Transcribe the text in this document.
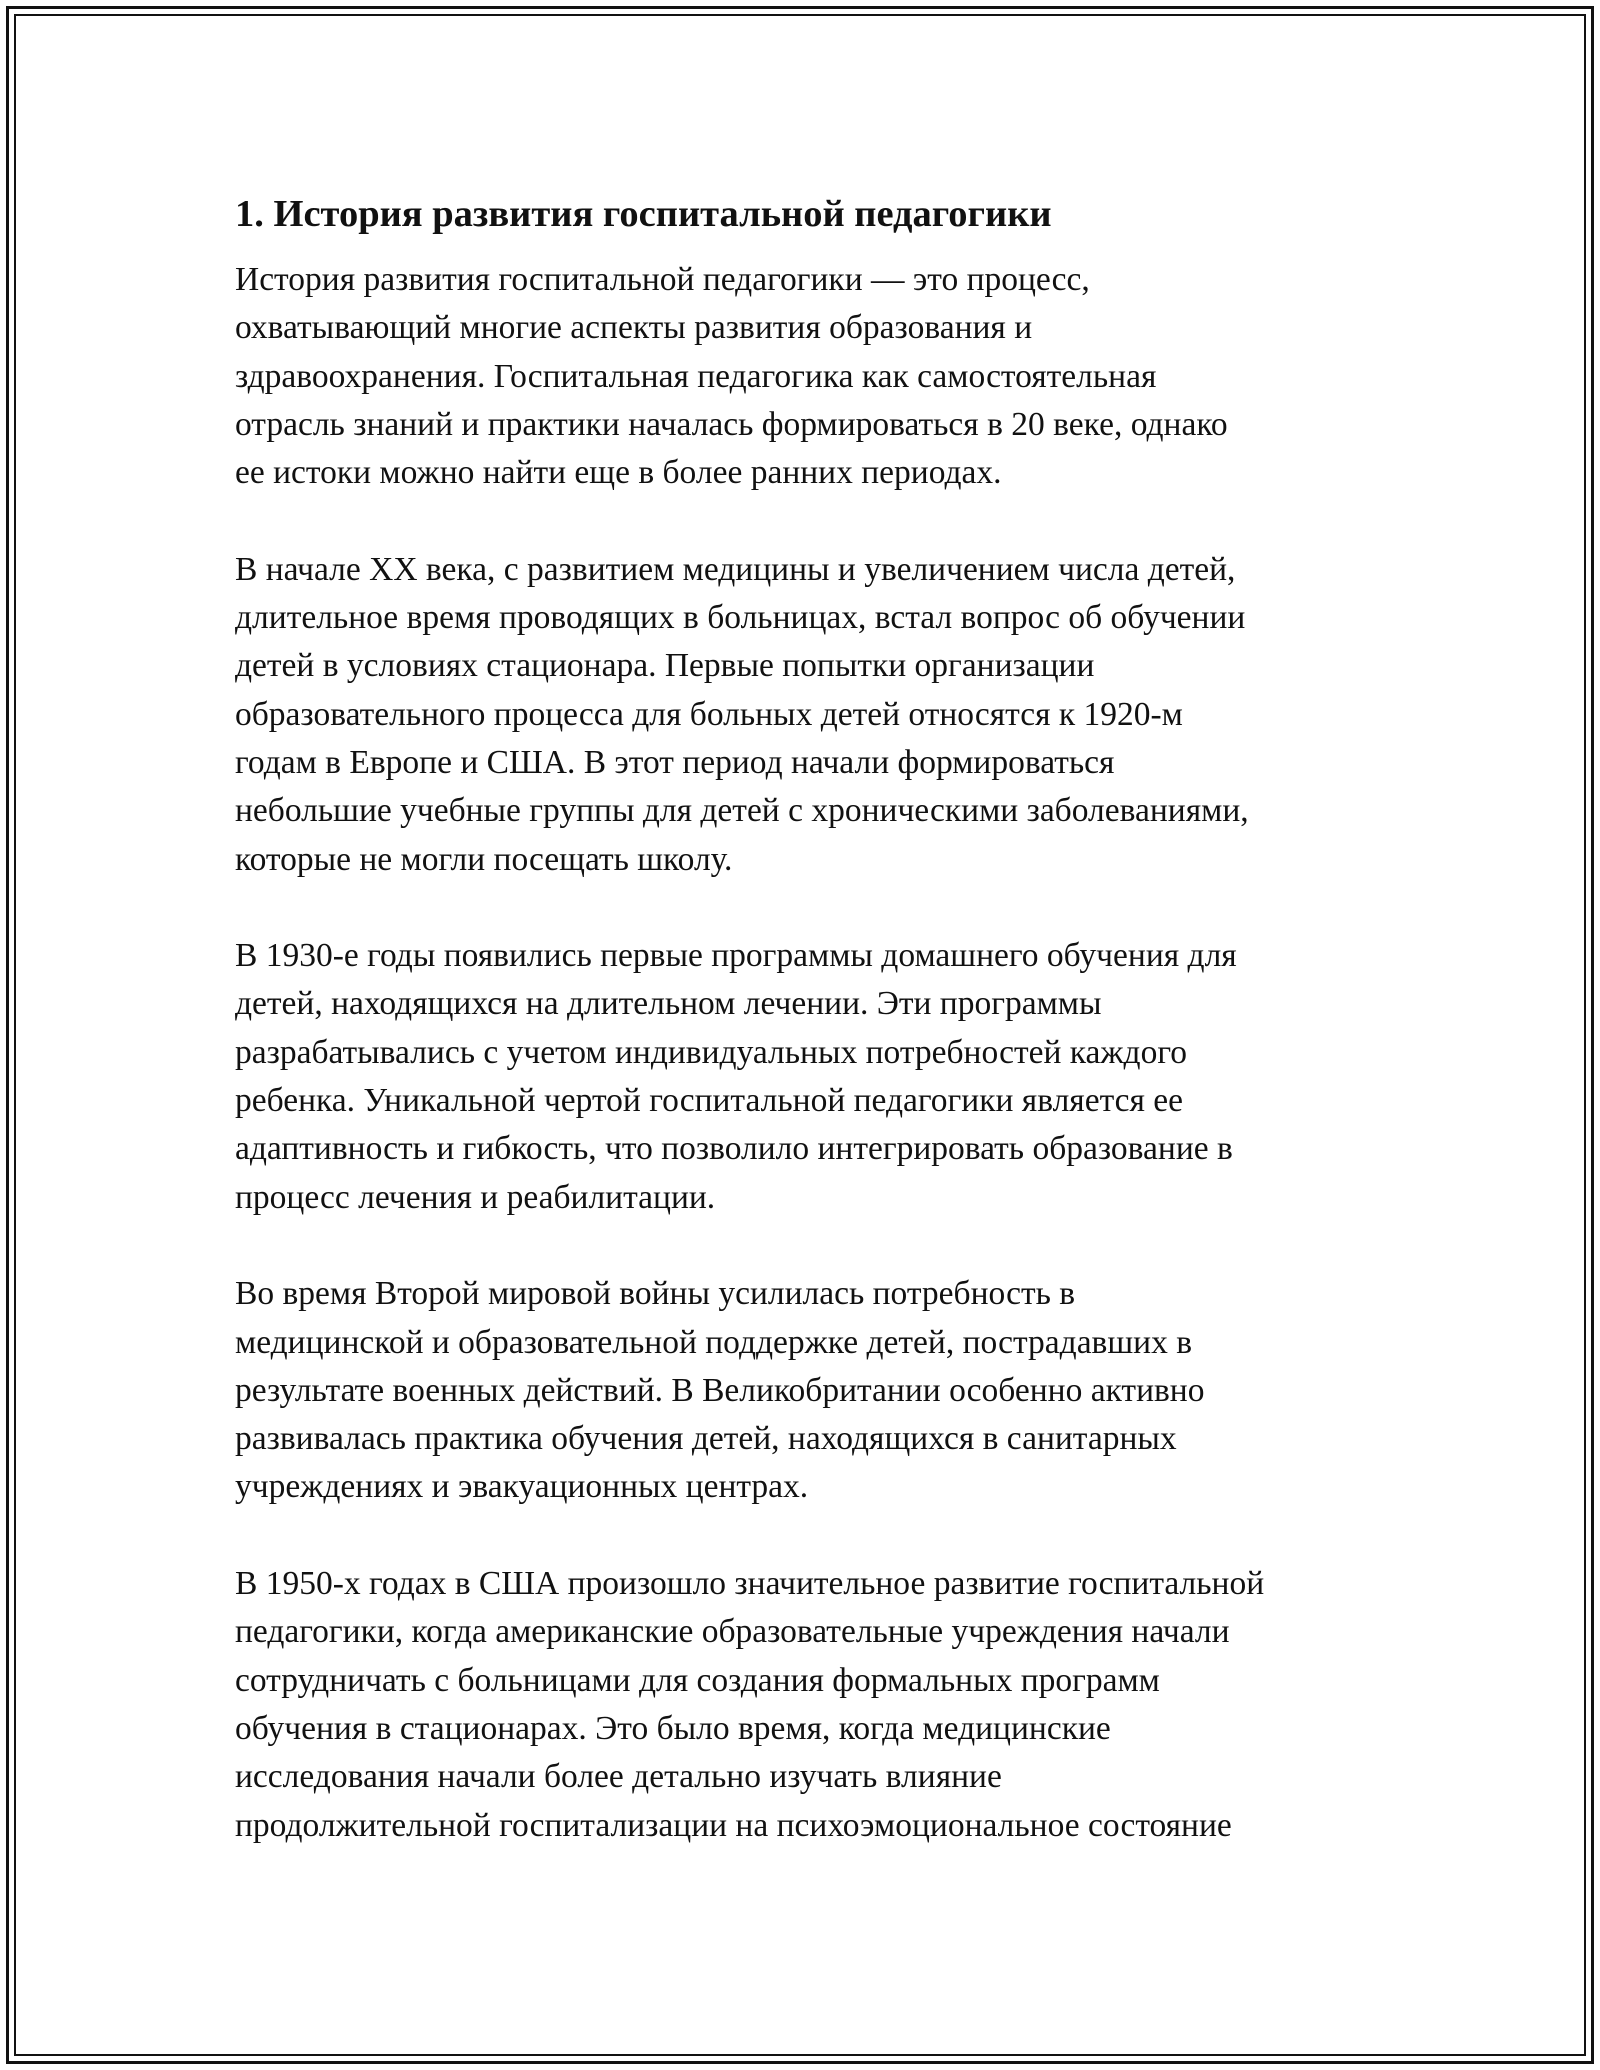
1. История развития госпитальной педагогики

История развития госпитальной педагогики — это процесс,
охватывающий многие аспекты развития образования и
здравоохранения. Госпитальная педагогика как самостоятельная
отрасль знаний и практики началась формироваться в 20 веке, однако
ее истоки можно найти еще в более ранних периодах.

В начале XX века, с развитием медицины и увеличением числа детей,
длительное время проводящих в больницах, встал вопрос об обучении
детей в условиях стационара. Первые попытки организации
образовательного процесса для больных детей относятся к 1920-м
годам в Европе и США. В этот период начали формироваться
небольшие учебные группы для детей с хроническими заболеваниями,
которые не могли посещать школу.

В 1930-е годы появились первые программы домашнего обучения для
детей, находящихся на длительном лечении. Эти программы
разрабатывались с учетом индивидуальных потребностей каждого
ребенка. Уникальной чертой госпитальной педагогики является ее
адаптивность и гибкость, что позволило интегрировать образование в
процесс лечения и реабилитации.

Во время Второй мировой войны усилилась потребность в
медицинской и образовательной поддержке детей, пострадавших в
результате военных действий. В Великобритании особенно активно
развивалась практика обучения детей, находящихся в санитарных
учреждениях и эвакуационных центрах.

В 1950-х годах в США произошло значительное развитие госпитальной
педагогики, когда американские образовательные учреждения начали
сотрудничать с больницами для создания формальных программ
обучения в стационарах. Это было время, когда медицинские
исследования начали более детально изучать влияние
продолжительной госпитализации на психоэмоциональное состояние
